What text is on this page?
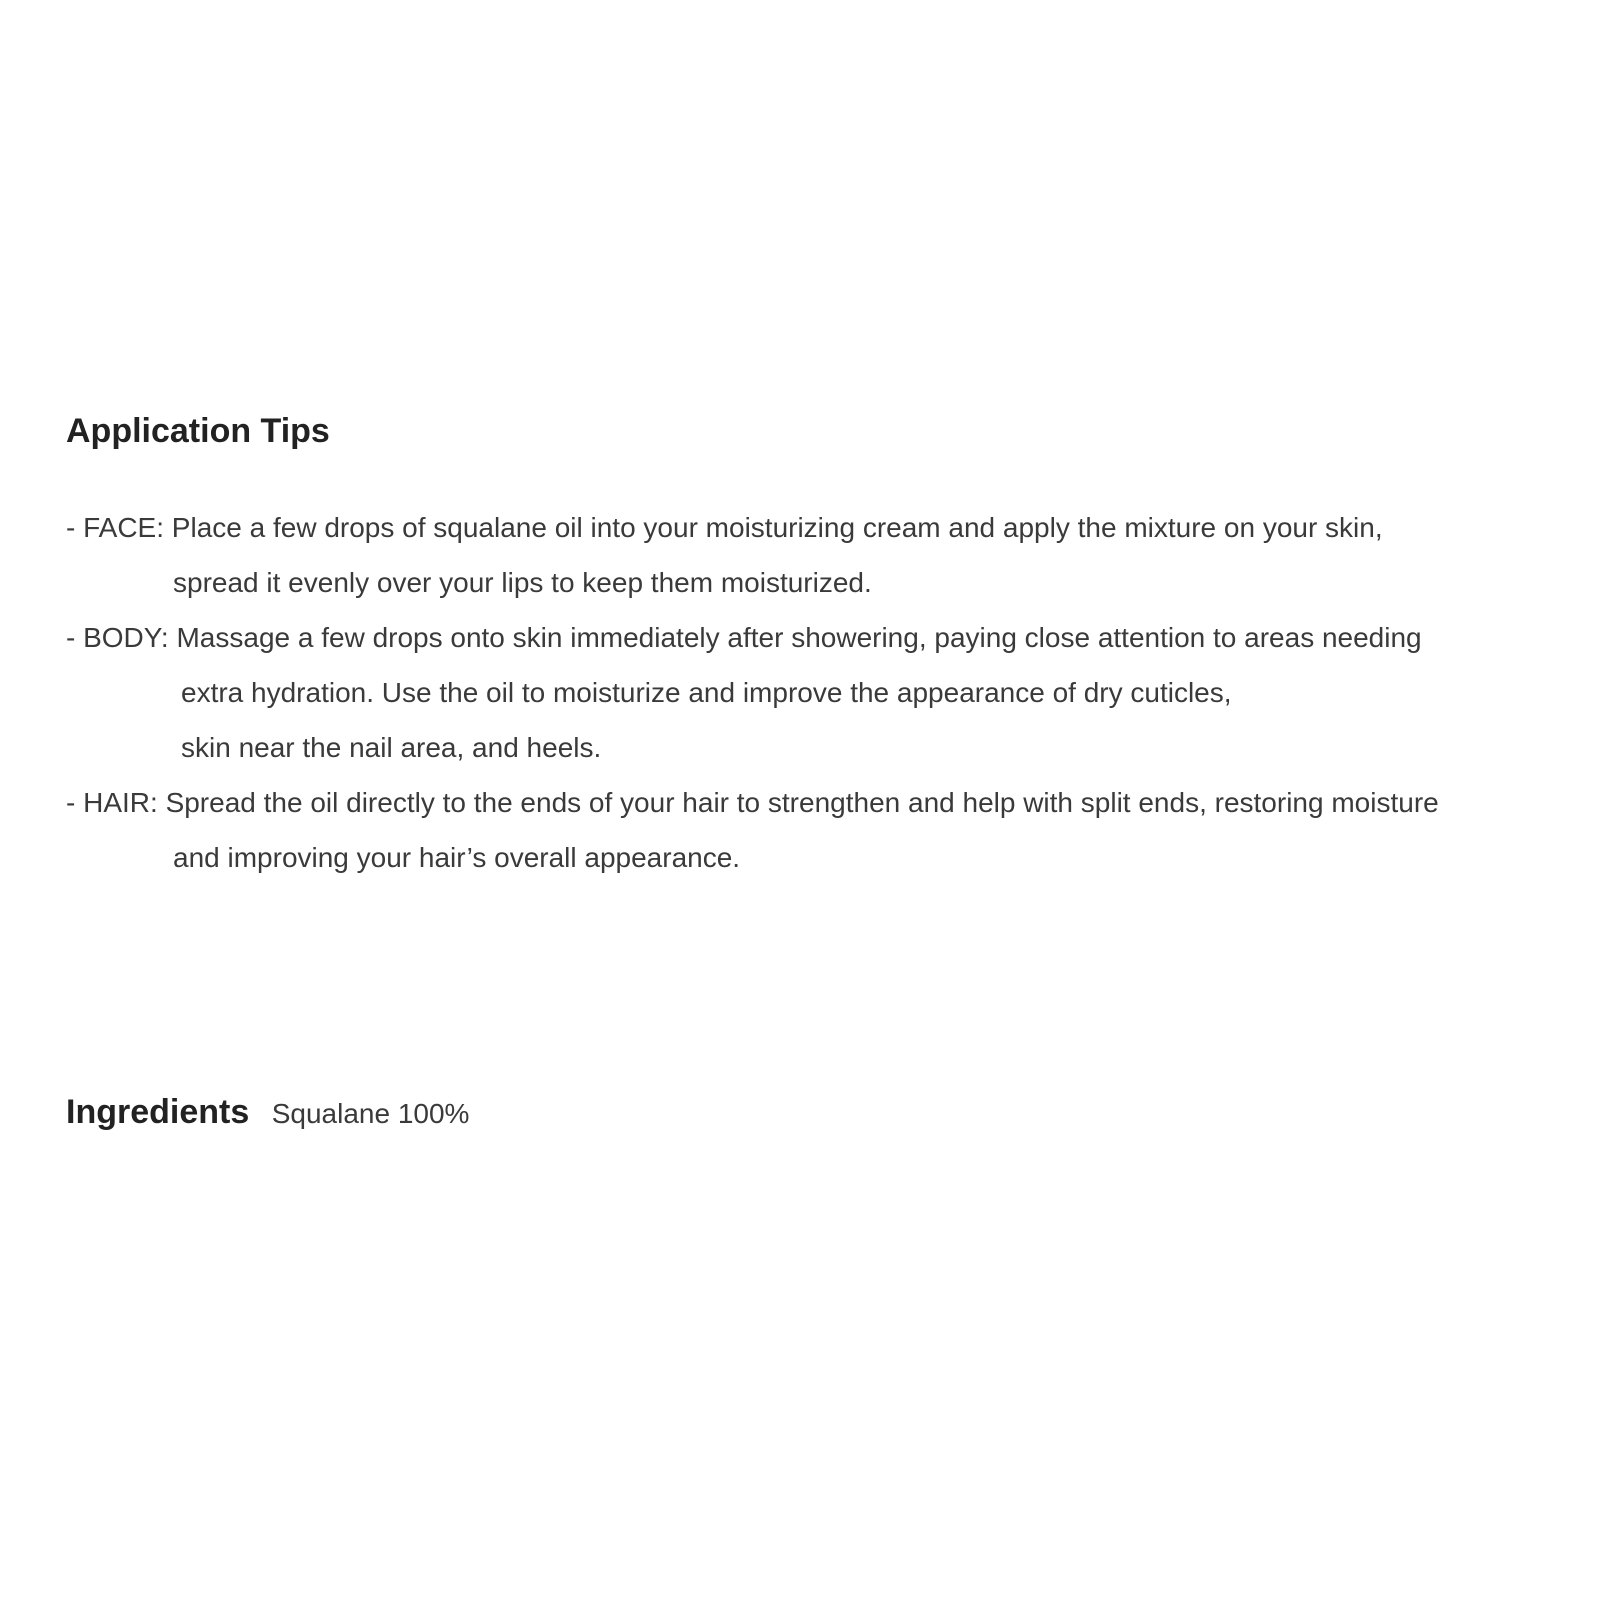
Application Tips
- FACE: Place a few drops of squalane oil into your moisturizing cream and apply the mixture on your skin,
spread it evenly over your lips to keep them moisturized.
- BODY: Massage a few drops onto skin immediately after showering, paying close attention to areas needing
extra hydration. Use the oil to moisturize and improve the appearance of dry cuticles,
skin near the nail area, and heels.
- HAIR: Spread the oil directly to the ends of your hair to strengthen and help with split ends, restoring moisture
and improving your hair’s overall appearance.
Ingredients Squalane 100%
